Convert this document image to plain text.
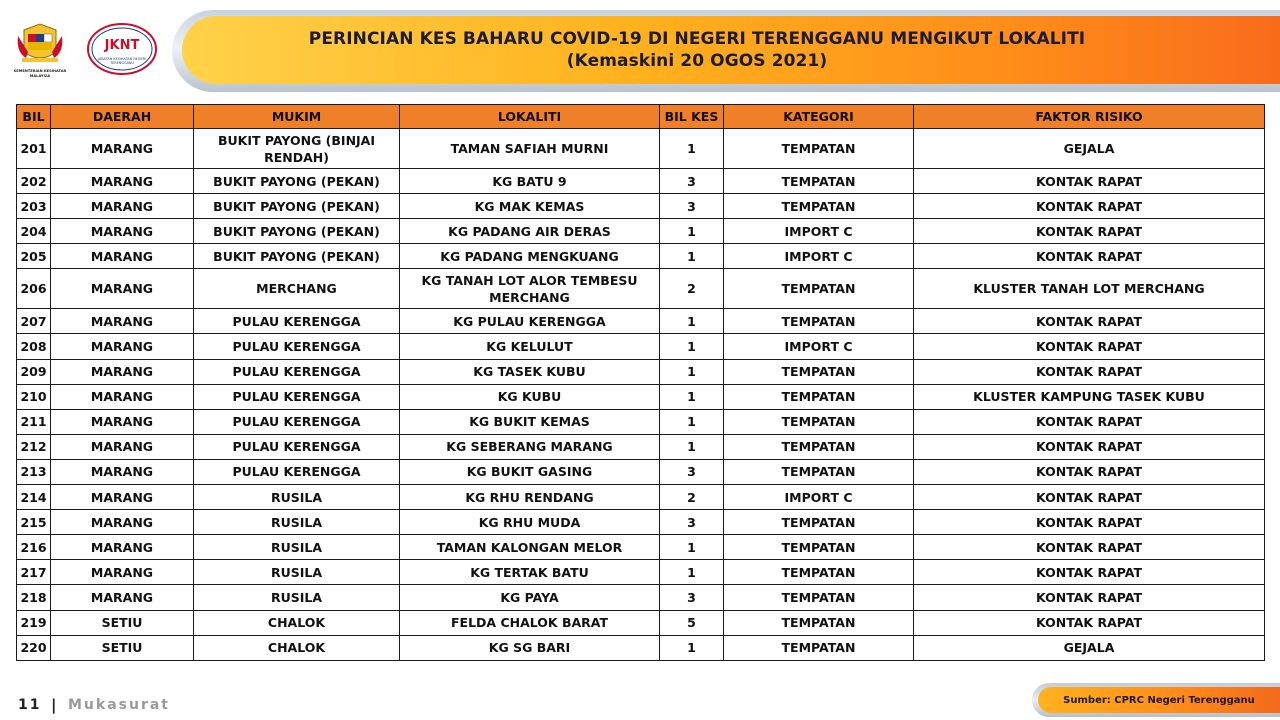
KEMENTERIAN KESIHATAN
MALAYSIA
JKNT
JABATAN KESIHATAN NEGERI
TERENGGANU
PERINCIAN KES BAHARU COVID-19 DI NEGERI TERENGGANU MENGIKUT LOKALITI
(Kemaskini 20 OGOS 2021)
BIL	DAERAH	MUKIM	LOKALITI	BIL KES	KATEGORI	FAKTOR RISIKO
201	MARANG	BUKIT PAYONG (BINJAI RENDAH)	TAMAN SAFIAH MURNI	1	TEMPATAN	GEJALA
202	MARANG	BUKIT PAYONG (PEKAN)	KG BATU 9	3	TEMPATAN	KONTAK RAPAT
203	MARANG	BUKIT PAYONG (PEKAN)	KG MAK KEMAS	3	TEMPATAN	KONTAK RAPAT
204	MARANG	BUKIT PAYONG (PEKAN)	KG PADANG AIR DERAS	1	IMPORT C	KONTAK RAPAT
205	MARANG	BUKIT PAYONG (PEKAN)	KG PADANG MENGKUANG	1	IMPORT C	KONTAK RAPAT
206	MARANG	MERCHANG	KG TANAH LOT ALOR TEMBESU MERCHANG	2	TEMPATAN	KLUSTER TANAH LOT MERCHANG
207	MARANG	PULAU KERENGGA	KG PULAU KERENGGA	1	TEMPATAN	KONTAK RAPAT
208	MARANG	PULAU KERENGGA	KG KELULUT	1	IMPORT C	KONTAK RAPAT
209	MARANG	PULAU KERENGGA	KG TASEK KUBU	1	TEMPATAN	KONTAK RAPAT
210	MARANG	PULAU KERENGGA	KG KUBU	1	TEMPATAN	KLUSTER KAMPUNG TASEK KUBU
211	MARANG	PULAU KERENGGA	KG BUKIT KEMAS	1	TEMPATAN	KONTAK RAPAT
212	MARANG	PULAU KERENGGA	KG SEBERANG MARANG	1	TEMPATAN	KONTAK RAPAT
213	MARANG	PULAU KERENGGA	KG BUKIT GASING	3	TEMPATAN	KONTAK RAPAT
214	MARANG	RUSILA	KG RHU RENDANG	2	IMPORT C	KONTAK RAPAT
215	MARANG	RUSILA	KG RHU MUDA	3	TEMPATAN	KONTAK RAPAT
216	MARANG	RUSILA	TAMAN KALONGAN MELOR	1	TEMPATAN	KONTAK RAPAT
217	MARANG	RUSILA	KG TERTAK BATU	1	TEMPATAN	KONTAK RAPAT
218	MARANG	RUSILA	KG PAYA	3	TEMPATAN	KONTAK RAPAT
219	SETIU	CHALOK	FELDA CHALOK BARAT	5	TEMPATAN	KONTAK RAPAT
220	SETIU	CHALOK	KG SG BARI	1	TEMPATAN	GEJALA
11 | Mukasurat	Sumber: CPRC Negeri Terengganu
